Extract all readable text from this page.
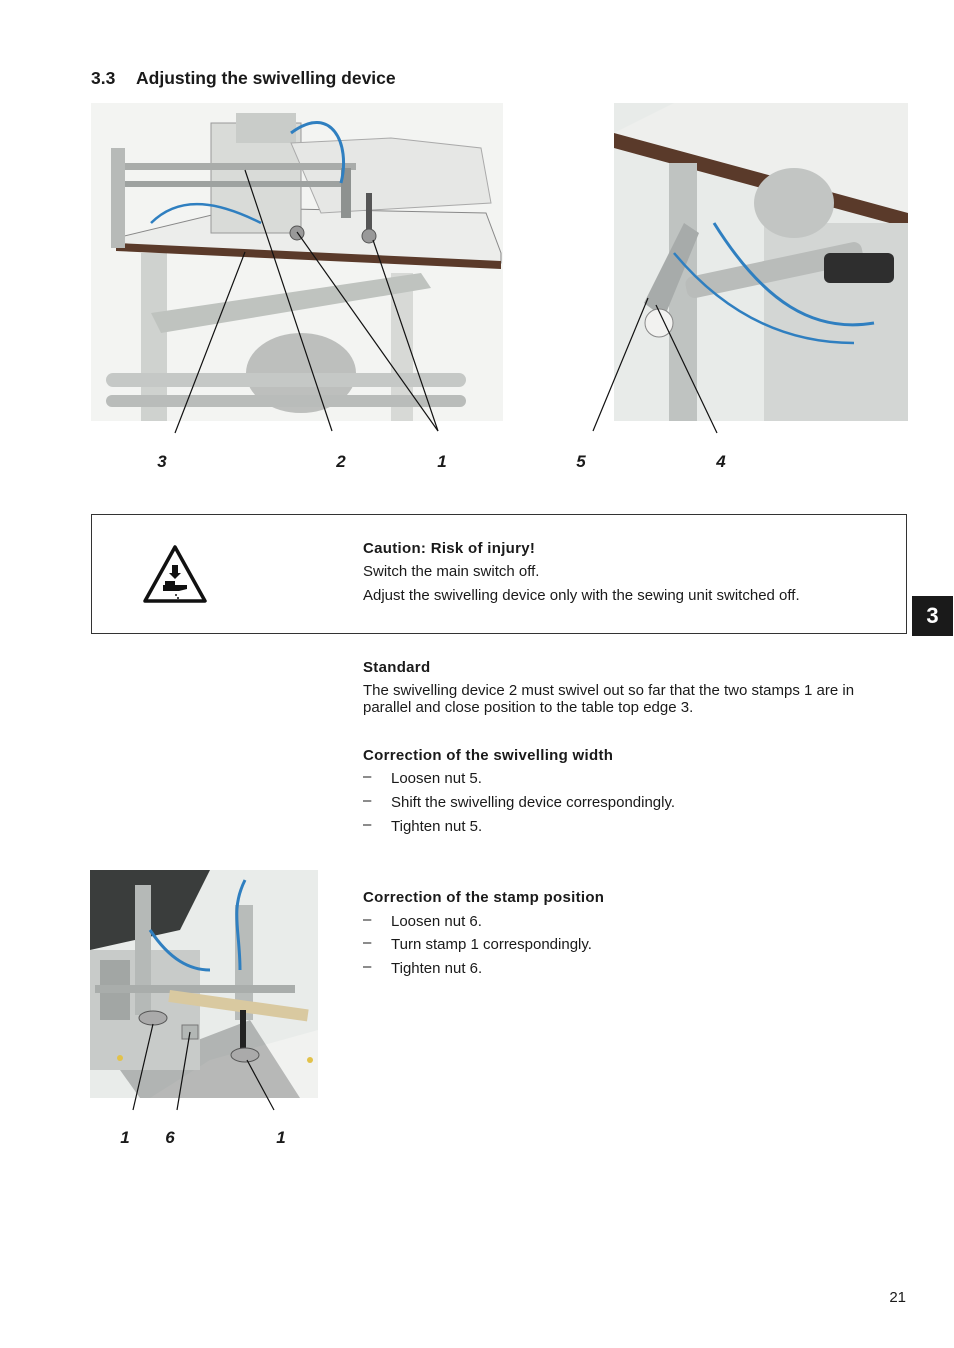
3.3 Adjusting the swivelling device
3	2	1	5	4
Caution: Risk of injury!
Switch the main switch off.
Adjust the swivelling device only with the sewing unit switched off.
3
Standard
The swivelling device 2 must swivel out so far that the two stamps 1 are in parallel and close position to the table top edge 3.
Correction of the swivelling width
– Loosen nut 5.
– Shift the swivelling device correspondingly.
– Tighten nut 5.
1	6	1
Correction of the stamp position
– Loosen nut 6.
– Turn stamp 1 correspondingly.
– Tighten nut 6.
21
